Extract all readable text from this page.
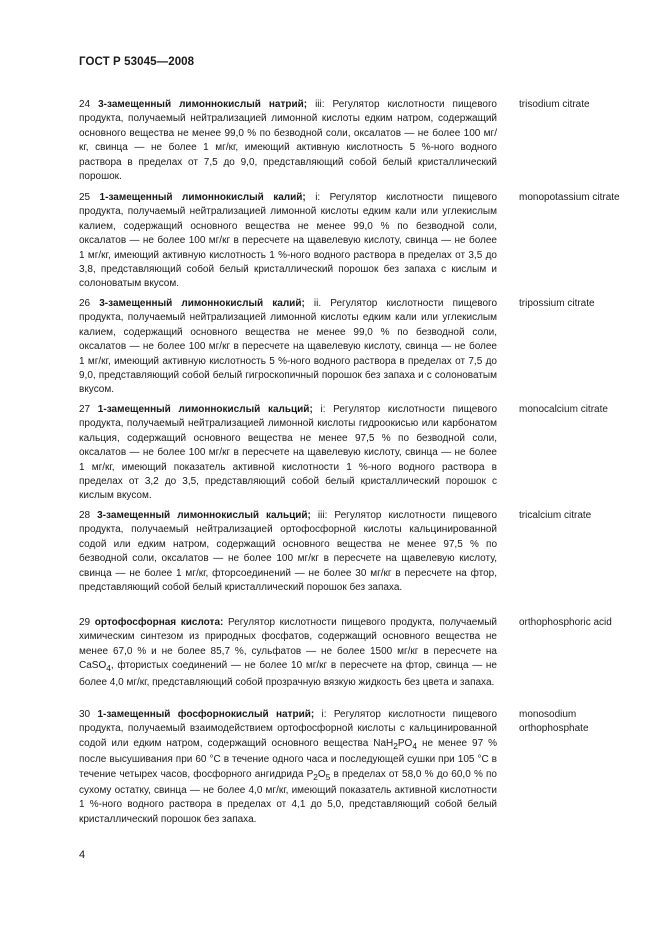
ГОСТ Р 53045—2008
24 3-замещенный лимоннокислый натрий; iii: Регулятор кислотности пищевого продукта, получаемый нейтрализацией лимонной кислоты едким натром, содержащий основного вещества не менее 99,0 % по безводной соли, оксалатов — не более 100 мг/кг, свинца — не более 1 мг/кг, имеющий активную кислотность 5 %-ного водного раствора в пределах от 7,5 до 9,0, представляющий собой белый кристаллический порошок.
trisodium citrate
25 1-замещенный лимоннокислый калий; i: Регулятор кислотности пищевого продукта, получаемый нейтрализацией лимонной кислоты едким кали или углекислым калием, содержащий основного вещества не менее 99,0 % по безводной соли, оксалатов — не более 100 мг/кг в пересчете на щавелевую кислоту, свинца — не более 1 мг/кг, имеющий активную кислотность 1 %-ного водного раствора в пределах от 3,5 до 3,8, представляющий собой белый кристаллический порошок без запаха с кислым и солоноватым вкусом.
monopotassium citrate
26 3-замещенный лимоннокислый калий; ii. Регулятор кислотности пищевого продукта, получаемый нейтрализацией лимонной кислоты едким кали или углекислым калием, содержащий основного вещества не менее 99,0 % по безводной соли, оксалатов — не более 100 мг/кг в пересчете на щавелевую кислоту, свинца — не более 1 мг/кг, имеющий активную кислотность 5 %-ного водного раствора в пределах от 7,5 до 9,0, представляющий собой белый гигроскопичный порошок без запаха и с солоноватым вкусом.
tripossium citrate
27 1-замещенный лимоннокислый кальций; i: Регулятор кислотности пищевого продукта, получаемый нейтрализацией лимонной кислоты гидроокисью или карбонатом кальция, содержащий основного вещества не менее 97,5 % по безводной соли, оксалатов — не более 100 мг/кг в пересчете на щавелевую кислоту, свинца — не более 1 мг/кг, имеющий показатель активной кислотности 1 %-ного водного раствора в пределах от 3,2 до 3,5, представляющий собой белый кристаллический порошок с кислым вкусом.
monocalcium citrate
28 3-замещенный лимоннокислый кальций; iii: Регулятор кислотности пищевого продукта, получаемый нейтрализацией ортофосфорной кислоты кальцинированной содой или едким натром, содержащий основного вещества не менее 97,5 % по безводной соли, оксалатов — не более 100 мг/кг в пересчете на щавелевую кислоту, свинца — не более 1 мг/кг, фторсоединений — не более 30 мг/кг в пересчете на фтор, представляющий собой белый кристаллический порошок без запаха.
tricalcium citrate
29 ортофосфорная кислота: Регулятор кислотности пищевого продукта, получаемый химическим синтезом из природных фосфатов, содержащий основного вещества не менее 67,0 % и не более 85,7 %, сульфатов — не более 1500 мг/кг в пересчете на CaSO$_4$, фтористых соединений — не более 10 мг/кг в пересчете на фтор, свинца — не более 4,0 мг/кг, представляющий собой прозрачную вязкую жидкость без цвета и запаха.
orthophosphoric acid
30 1-замещенный фосфорнокислый натрий; i: Регулятор кислотности пищевого продукта, получаемый взаимодействием ортофосфорной кислоты с кальцинированной содой или едким натром, содержащий основного вещества $NaH_2PO_4$ не менее 97 % после высушивания при 60 °С в течение одного часа и последующей сушки при 105 °С в течение четырех часов, фосфорного ангидрида $P_2O_5$ в пределах от 58,0 % до 60,0 % по сухому остатку, свинца — не более 4,0 мг/кг, имеющий показатель активной кислотности 1 %-ного водного раствора в пределах от 4,1 до 5,0, представляющий собой белый кристаллический порошок без запаха.
monosodium orthophosphate
4
